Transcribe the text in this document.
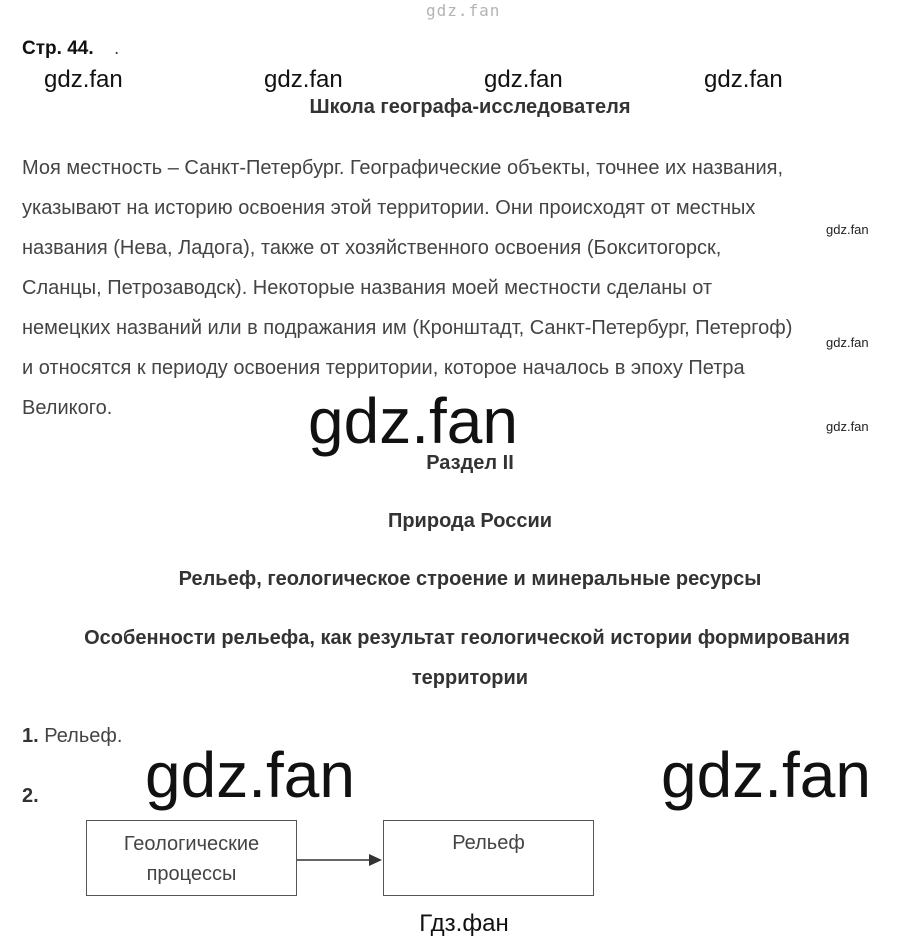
gdz.fan
gdz.fan	gdz.fan	gdz.fan	gdz.fan
gdz.fan
gdz.fan
gdz.fan
gdz.fan
gdz.fan	gdz.fan
Стр. 44. .
Школа географа-исследователя
Моя местность – Санкт-Петербург. Географические объекты, точнее их названия,
указывают на историю освоения этой территории. Они происходят от местных
названия (Нева, Ладога), также от хозяйственного освоения (Бокситогорск,
Сланцы, Петрозаводск). Некоторые названия моей местности сделаны от
немецких названий или в подражания им (Кронштадт, Санкт-Петербург, Петергоф)
и относятся к периоду освоения территории, которое началось в эпоху Петра
Великого.
Раздел II
Природа России
Рельеф, геологическое строение и минеральные ресурсы
Особенности рельефа, как результат геологической истории формирования
территории
1. Рельеф.
2.
Геологические
процессы
Рельеф
Гдз.фан
